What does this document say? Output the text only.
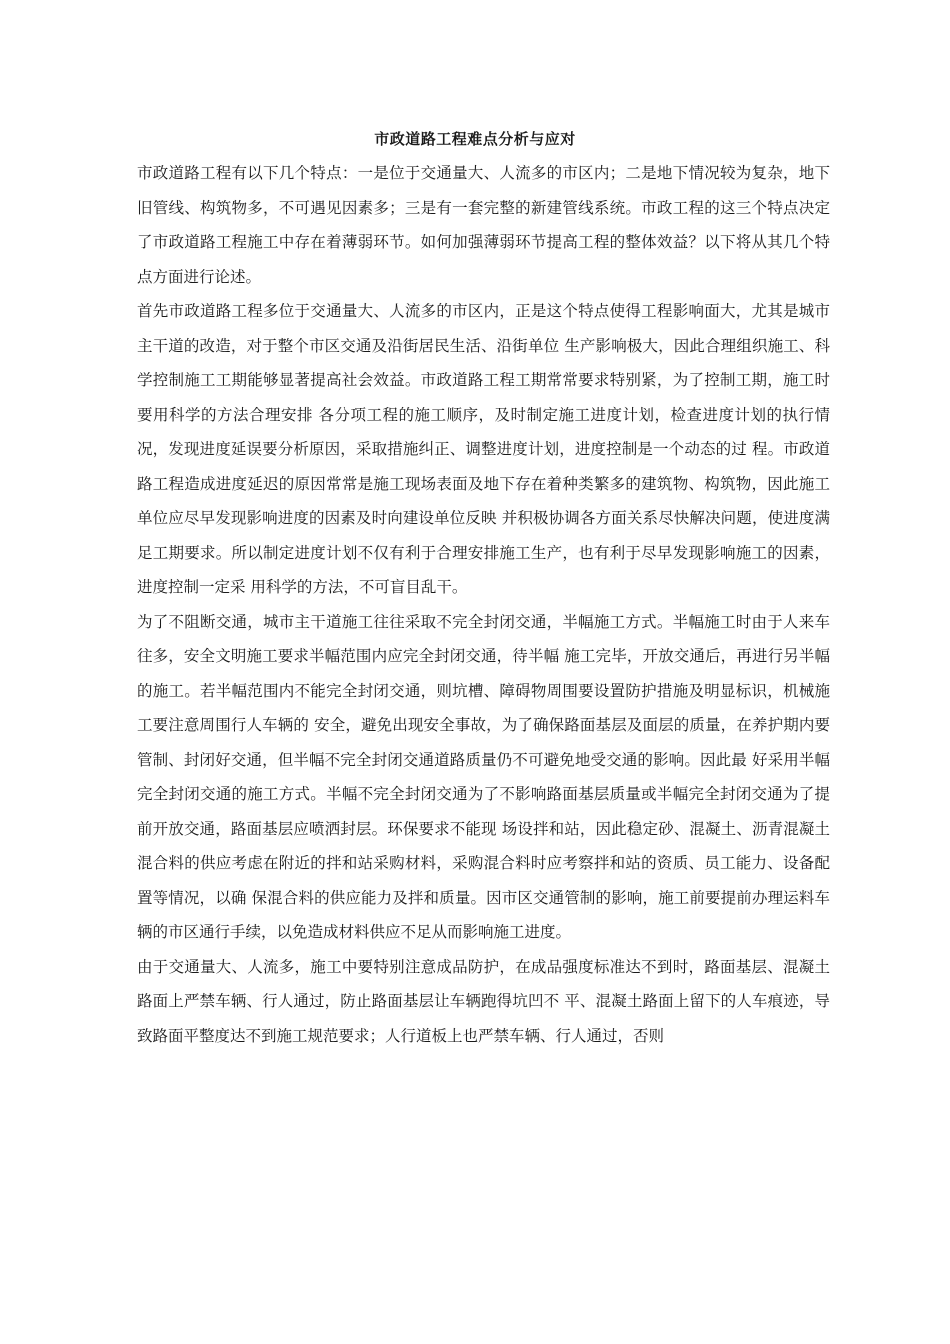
市政道路工程难点分析与应对

市政道路工程有以下几个特点：一是位于交通量大、人流多的市区内；二是地下情况较为复杂，地下旧管线、构筑物多，不可遇见因素多；三是有一套完整的新建管线系统。市政工程的这三个特点决定了市政道路工程施工中存在着薄弱环节。如何加强薄弱环节提高工程的整体效益？以下将从其几个特点方面进行论述。

首先市政道路工程多位于交通量大、人流多的市区内，正是这个特点使得工程影响面大，尤其是城市主干道的改造，对于整个市区交通及沿街居民生活、沿街单位 生产影响极大，因此合理组织施工、科学控制施工工期能够显著提高社会效益。市政道路工程工期常常要求特别紧，为了控制工期，施工时要用科学的方法合理安排 各分项工程的施工顺序，及时制定施工进度计划，检查进度计划的执行情况，发现进度延误要分析原因，采取措施纠正、调整进度计划，进度控制是一个动态的过 程。市政道路工程造成进度延迟的原因常常是施工现场表面及地下存在着种类繁多的建筑物、构筑物，因此施工单位应尽早发现影响进度的因素及时向建设单位反映 并积极协调各方面关系尽快解决问题，使进度满足工期要求。所以制定进度计划不仅有利于合理安排施工生产，也有利于尽早发现影响施工的因素，进度控制一定采 用科学的方法，不可盲目乱干。

为了不阻断交通，城市主干道施工往往采取不完全封闭交通，半幅施工方式。半幅施工时由于人来车往多，安全文明施工要求半幅范围内应完全封闭交通，待半幅 施工完毕，开放交通后，再进行另半幅的施工。若半幅范围内不能完全封闭交通，则坑槽、障碍物周围要设置防护措施及明显标识，机械施工要注意周围行人车辆的 安全，避免出现安全事故，为了确保路面基层及面层的质量，在养护期内要管制、封闭好交通，但半幅不完全封闭交通道路质量仍不可避免地受交通的影响。因此最 好采用半幅完全封闭交通的施工方式。半幅不完全封闭交通为了不影响路面基层质量或半幅完全封闭交通为了提前开放交通，路面基层应喷洒封层。环保要求不能现 场设拌和站，因此稳定砂、混凝土、沥青混凝土混合料的供应考虑在附近的拌和站采购材料，采购混合料时应考察拌和站的资质、员工能力、设备配置等情况，以确 保混合料的供应能力及拌和质量。因市区交通管制的影响，施工前要提前办理运料车辆的市区通行手续，以免造成材料供应不足从而影响施工进度。

由于交通量大、人流多，施工中要特别注意成品防护，在成品强度标准达不到时，路面基层、混凝土路面上严禁车辆、行人通过，防止路面基层让车辆跑得坑凹不 平、混凝土路面上留下的人车痕迹，导致路面平整度达不到施工规范要求；人行道板上也严禁车辆、行人通过，否则
